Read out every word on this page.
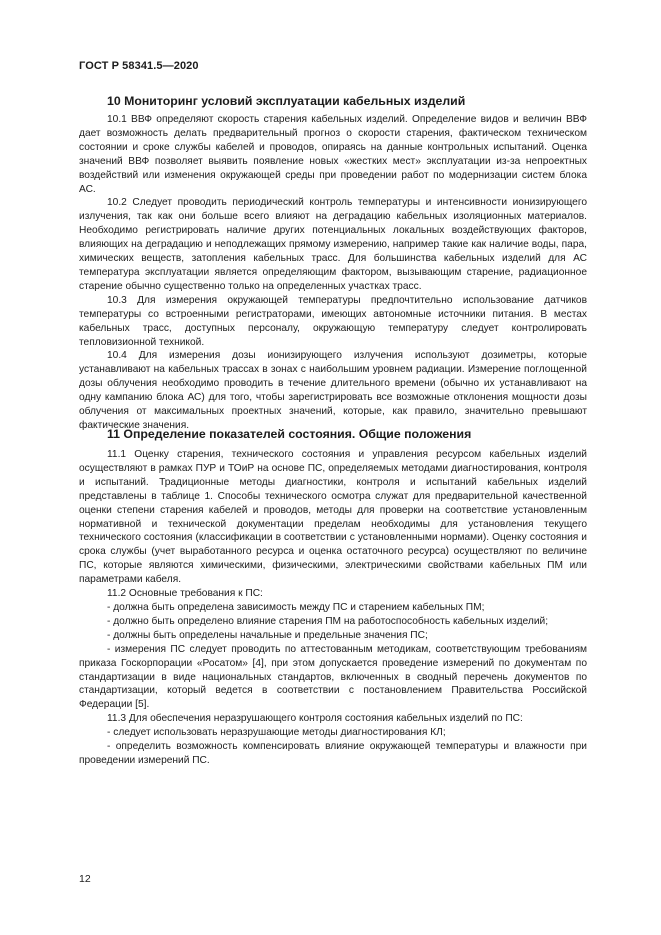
ГОСТ Р 58341.5—2020
10 Мониторинг условий эксплуатации кабельных изделий

10.1 ВВФ определяют скорость старения кабельных изделий. Определение видов и величин ВВФ дает возможность делать предварительный прогноз о скорости старения, фактическом техническом состоянии и сроке службы кабелей и проводов, опираясь на данные контрольных испытаний. Оценка значений ВВФ позволяет выявить появление новых «жестких мест» эксплуатации из-за непроектных воздействий или изменения окружающей среды при проведении работ по модернизации систем блока АС.

10.2 Следует проводить периодический контроль температуры и интенсивности ионизирующего излучения, так как они больше всего влияют на деградацию кабельных изоляционных материалов. Необходимо регистрировать наличие других потенциальных локальных воздействующих факторов, влияющих на деградацию и неподлежащих прямому измерению, например такие как наличие воды, пара, химических веществ, затопления кабельных трасс. Для большинства кабельных изделий для АС температура эксплуатации является определяющим фактором, вызывающим старение, радиационное старение обычно существенно только на определенных участках трасс.

10.3 Для измерения окружающей температуры предпочтительно использование датчиков температуры со встроенными регистраторами, имеющих автономные источники питания. В местах кабельных трасс, доступных персоналу, окружающую температуру следует контролировать тепловизионной техникой.

10.4 Для измерения дозы ионизирующего излучения используют дозиметры, которые устанавливают на кабельных трассах в зонах с наибольшим уровнем радиации. Измерение поглощенной дозы облучения необходимо проводить в течение длительного времени (обычно их устанавливают на одну кампанию блока АС) для того, чтобы зарегистрировать все возможные отклонения мощности дозы облучения от максимальных проектных значений, которые, как правило, значительно превышают фактические значения.

11 Определение показателей состояния. Общие положения

11.1 Оценку старения, технического состояния и управления ресурсом кабельных изделий осуществляют в рамках ПУР и ТОиР на основе ПС, определяемых методами диагностирования, контроля и испытаний. Традиционные методы диагностики, контроля и испытаний кабельных изделий представлены в таблице 1. Способы технического осмотра служат для предварительной качественной оценки степени старения кабелей и проводов, методы для проверки на соответствие установленным нормативной и технической документации пределам необходимы для установления текущего технического состояния (классификации в соответствии с установленными нормами). Оценку состояния и срока службы (учет выработанного ресурса и оценка остаточного ресурса) осуществляют по величине ПС, которые являются химическими, физическими, электрическими свойствами кабельных ПМ или параметрами кабеля.

11.2 Основные требования к ПС:

- должна быть определена зависимость между ПС и старением кабельных ПМ;

- должно быть определено влияние старения ПМ на работоспособность кабельных изделий;

- должны быть определены начальные и предельные значения ПС;

- измерения ПС следует проводить по аттестованным методикам, соответствующим требованиям приказа Госкорпорации «Росатом» [4], при этом допускается проведение измерений по документам по стандартизации в виде национальных стандартов, включенных в сводный перечень документов по стандартизации, который ведется в соответствии с постановлением Правительства Российской Федерации [5].

11.3 Для обеспечения неразрушающего контроля состояния кабельных изделий по ПС:

- следует использовать неразрушающие методы диагностирования КЛ;

- определить возможность компенсировать влияние окружающей температуры и влажности при проведении измерений ПС.

12
